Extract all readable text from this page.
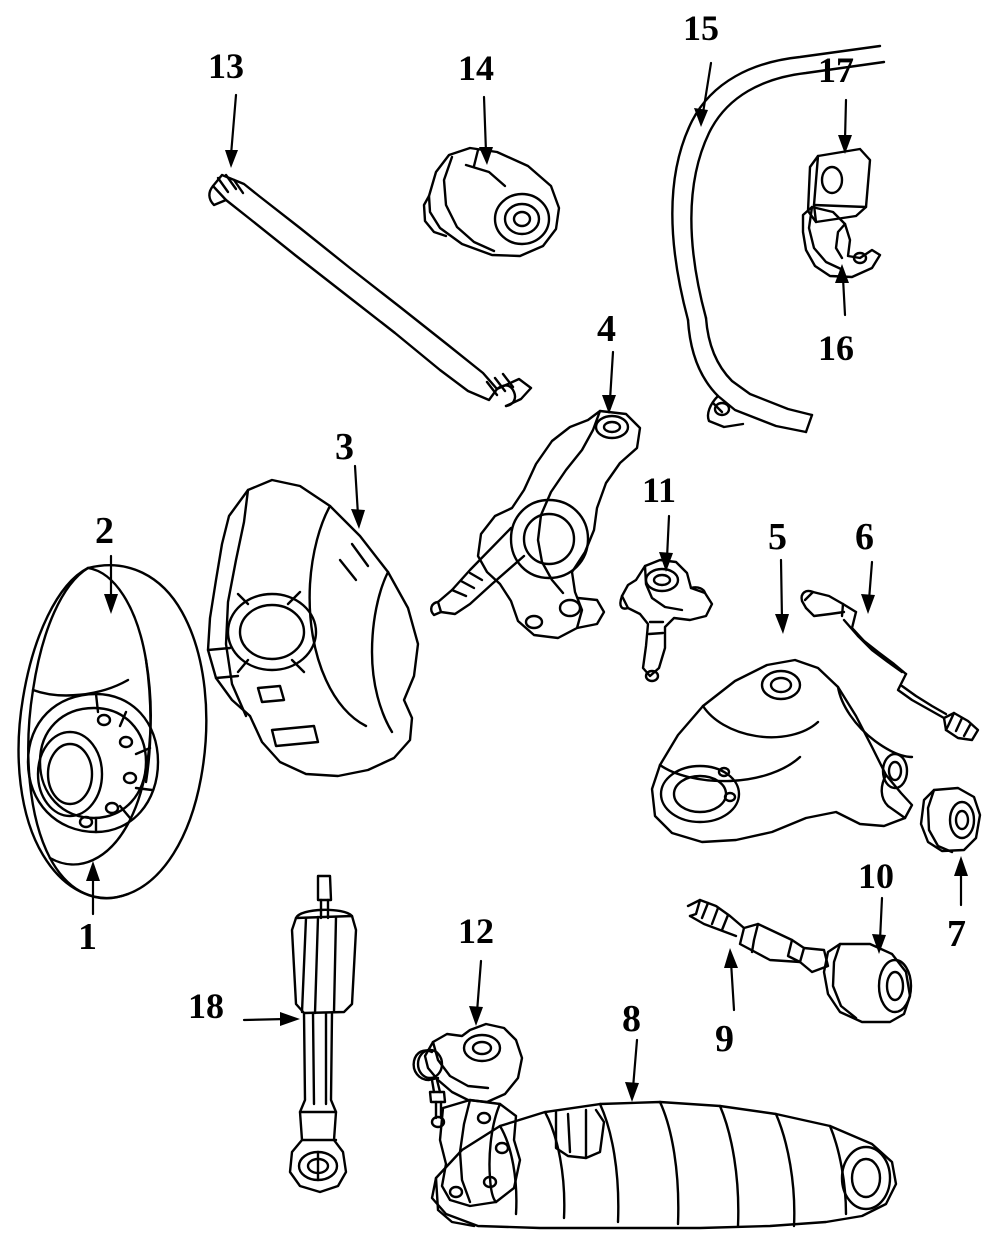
1
2
3
4
5 6
7
8 9
10
11
12
13	14
15
16
17
18
